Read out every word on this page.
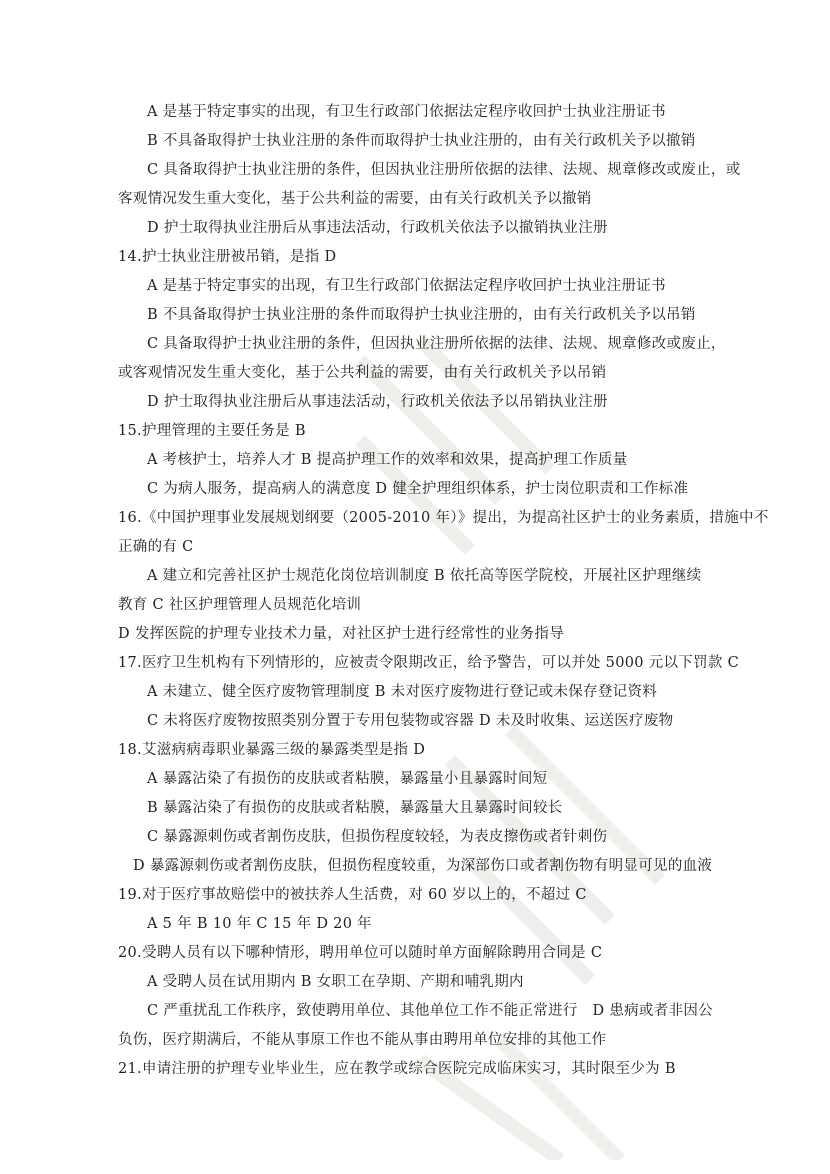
A 是基于特定事实的出现，有卫生行政部门依据法定程序收回护士执业注册证书
B 不具备取得护士执业注册的条件而取得护士执业注册的，由有关行政机关予以撤销
C 具备取得护士执业注册的条件，但因执业注册所依据的法律、法规、规章修改或废止，或
客观情况发生重大变化，基于公共利益的需要，由有关行政机关予以撤销
D 护士取得执业注册后从事违法活动，行政机关依法予以撤销执业注册
14.护士执业注册被吊销，是指 D
A 是基于特定事实的出现，有卫生行政部门依据法定程序收回护士执业注册证书
B 不具备取得护士执业注册的条件而取得护士执业注册的，由有关行政机关予以吊销
C 具备取得护士执业注册的条件，但因执业注册所依据的法律、法规、规章修改或废止，
或客观情况发生重大变化，基于公共利益的需要，由有关行政机关予以吊销
D 护士取得执业注册后从事违法活动，行政机关依法予以吊销执业注册
15.护理管理的主要任务是 B
A 考核护士，培养人才 B 提高护理工作的效率和效果，提高护理工作质量
C 为病人服务，提高病人的满意度 D 健全护理组织体系，护士岗位职责和工作标准
16.《中国护理事业发展规划纲要（2005-2010 年）》提出，为提高社区护士的业务素质，措施中不
正确的有 C
A 建立和完善社区护士规范化岗位培训制度 B 依托高等医学院校，开展社区护理继续
教育 C 社区护理管理人员规范化培训
D 发挥医院的护理专业技术力量，对社区护士进行经常性的业务指导
17.医疗卫生机构有下列情形的，应被责令限期改正，给予警告，可以并处 5000 元以下罚款 C
A 未建立、健全医疗废物管理制度 B 未对医疗废物进行登记或未保存登记资料
C 未将医疗废物按照类别分置于专用包装物或容器 D 未及时收集、运送医疗废物
18.艾滋病病毒职业暴露三级的暴露类型是指 D
A 暴露沾染了有损伤的皮肤或者粘膜，暴露量小且暴露时间短
B 暴露沾染了有损伤的皮肤或者粘膜，暴露量大且暴露时间较长
C 暴露源刺伤或者割伤皮肤，但损伤程度较轻，为表皮擦伤或者针刺伤
D 暴露源刺伤或者割伤皮肤，但损伤程度较重，为深部伤口或者割伤物有明显可见的血液
19.对于医疗事故赔偿中的被扶养人生活费，对 60 岁以上的，不超过 C
A 5 年 B 10 年 C 15 年 D 20 年
20.受聘人员有以下哪种情形，聘用单位可以随时单方面解除聘用合同是 C
A 受聘人员在试用期内 B 女职工在孕期、产期和哺乳期内
C 严重扰乱工作秩序，致使聘用单位、其他单位工作不能正常进行　D 患病或者非因公
负伤，医疗期满后，不能从事原工作也不能从事由聘用单位安排的其他工作
21.申请注册的护理专业毕业生，应在教学或综合医院完成临床实习，其时限至少为 B
